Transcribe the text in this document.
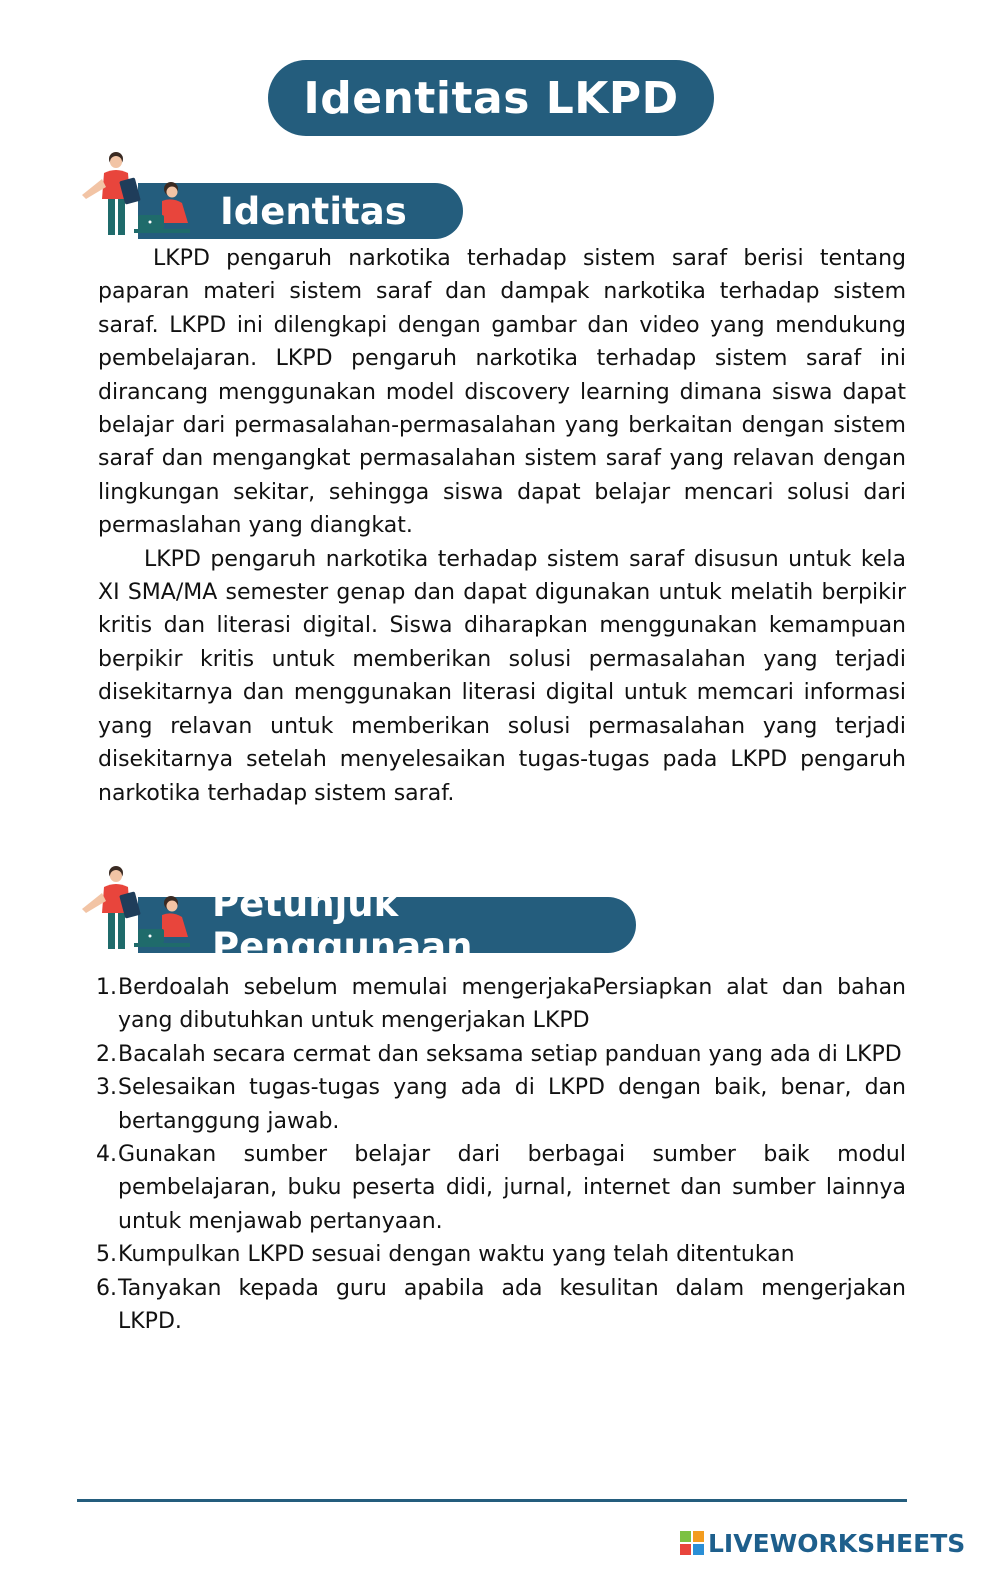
Identitas LKPD
Identitas

LKPD pengaruh narkotika terhadap sistem saraf berisi tentang paparan materi sistem saraf dan dampak narkotika terhadap sistem saraf. LKPD ini dilengkapi dengan gambar dan video yang mendukung pembelajaran. LKPD pengaruh narkotika terhadap sistem saraf ini dirancang menggunakan model discovery learning dimana siswa dapat belajar dari permasalahan-permasalahan yang berkaitan dengan sistem saraf dan mengangkat permasalahan sistem saraf yang relavan dengan lingkungan sekitar, sehingga siswa dapat belajar mencari solusi dari permaslahan yang diangkat.

LKPD pengaruh narkotika terhadap sistem saraf disusun untuk kela XI SMA/MA semester genap dan dapat digunakan untuk melatih berpikir kritis dan literasi digital. Siswa diharapkan menggunakan kemampuan berpikir kritis untuk memberikan solusi permasalahan yang terjadi disekitarnya dan menggunakan literasi digital untuk memcari informasi yang relavan untuk memberikan solusi permasalahan yang terjadi disekitarnya setelah menyelesaikan tugas-tugas pada LKPD pengaruh narkotika terhadap sistem saraf.

Petunjuk Penggunaan
1. Berdoalah sebelum memulai mengerjakaPersiapkan alat dan bahan yang dibutuhkan untuk mengerjakan LKPD
2. Bacalah secara cermat dan seksama setiap panduan yang ada di LKPD
3. Selesaikan tugas-tugas yang ada di LKPD dengan baik, benar, dan bertanggung jawab.
4. Gunakan sumber belajar dari berbagai sumber baik modul pembelajaran, buku peserta didi, jurnal, internet dan sumber lainnya untuk menjawab pertanyaan.
5. Kumpulkan LKPD sesuai dengan waktu yang telah ditentukan
6. Tanyakan kepada guru apabila ada kesulitan dalam mengerjakan LKPD.
LIVEWORKSHEETS
